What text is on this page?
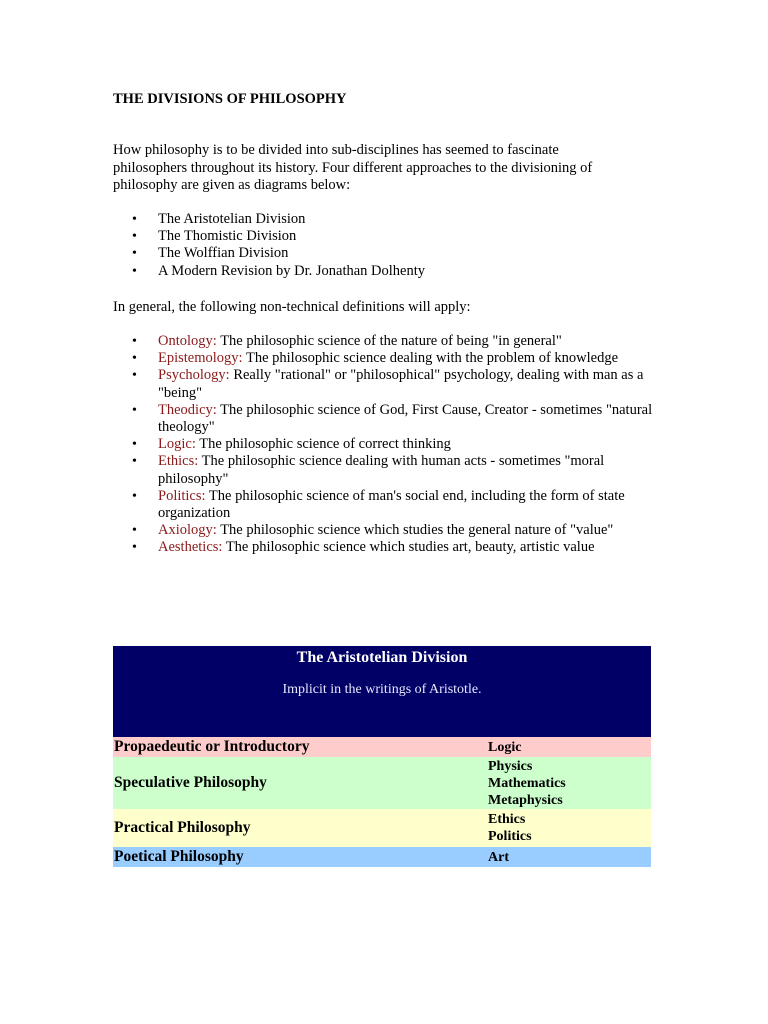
THE DIVISIONS OF PHILOSOPHY

How philosophy is to be divided into sub-disciplines has seemed to fascinate philosophers throughout its history. Four different approaches to the divisioning of philosophy are given as diagrams below:

• The Aristotelian Division
• The Thomistic Division
• The Wolffian Division
• A Modern Revision by Dr. Jonathan Dolhenty

In general, the following non-technical definitions will apply:

• Ontology: The philosophic science of the nature of being "in general"
• Epistemology: The philosophic science dealing with the problem of knowledge
• Psychology: Really "rational" or "philosophical" psychology, dealing with man as a "being"
• Theodicy: The philosophic science of God, First Cause, Creator - sometimes "natural theology"
• Logic: The philosophic science of correct thinking
• Ethics: The philosophic science dealing with human acts - sometimes "moral philosophy"
• Politics: The philosophic science of man's social end, including the form of state organization
• Axiology: The philosophic science which studies the general nature of "value"
• Aesthetics: The philosophic science which studies art, beauty, artistic value
The Aristotelian Division
Implicit in the writings of Aristotle.	

Propaedeutic or Introductory	Logic

Speculative Philosophy	Physics
Mathematics
Metaphysics

Practical Philosophy	Ethics
Politics

Poetical Philosophy	Art
